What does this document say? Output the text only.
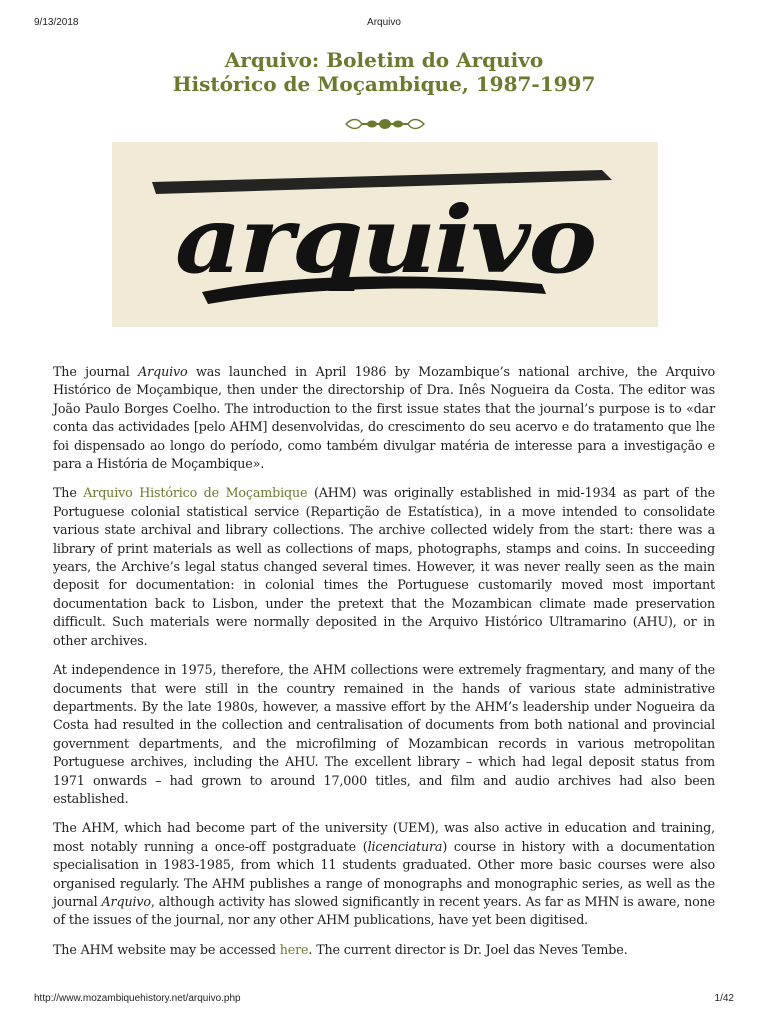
9/13/2018	Arquivo
Arquivo: Boletim do Arquivo
Histórico de Moçambique, 1987-1997
arquivo

The journal Arquivo was launched in April 1986 by Mozambique’s national archive, the Arquivo Histórico de Moçambique, then under the directorship of Dra. Inês Nogueira da Costa. The editor was João Paulo Borges Coelho. The introduction to the first issue states that the journal’s purpose is to «dar conta das actividades [pelo AHM] desenvolvidas, do crescimento do seu acervo e do tratamento que lhe foi dispensado ao longo do período, como também divulgar matéria de interesse para a investigação e para a História de Moçambique».

The Arquivo Histórico de Moçambique (AHM) was originally established in mid-1934 as part of the Portuguese colonial statistical service (Repartição de Estatística), in a move intended to consolidate various state archival and library collections. The archive collected widely from the start: there was a library of print materials as well as collections of maps, photographs, stamps and coins. In succeeding years, the Archive’s legal status changed several times. However, it was never really seen as the main deposit for documentation: in colonial times the Portuguese customarily moved most important documentation back to Lisbon, under the pretext that the Mozambican climate made preservation difficult. Such materials were normally deposited in the Arquivo Histórico Ultramarino (AHU), or in other archives.

At independence in 1975, therefore, the AHM collections were extremely fragmentary, and many of the documents that were still in the country remained in the hands of various state administrative departments. By the late 1980s, however, a massive effort by the AHM’s leadership under Nogueira da Costa had resulted in the collection and centralisation of documents from both national and provincial government departments, and the microfilming of Mozambican records in various metropolitan Portuguese archives, including the AHU. The excellent library – which had legal deposit status from 1971 onwards – had grown to around 17,000 titles, and film and audio archives had also been established.

The AHM, which had become part of the university (UEM), was also active in education and training, most notably running a once-off postgraduate (licenciatura) course in history with a documentation specialisation in 1983-1985, from which 11 students graduated. Other more basic courses were also organised regularly. The AHM publishes a range of monographs and monographic series, as well as the journal Arquivo, although activity has slowed significantly in recent years. As far as MHN is aware, none of the issues of the journal, nor any other AHM publications, have yet been digitised.

The AHM website may be accessed here. The current director is Dr. Joel das Neves Tembe.

http://www.mozambiquehistory.net/arquivo.php	1/42
